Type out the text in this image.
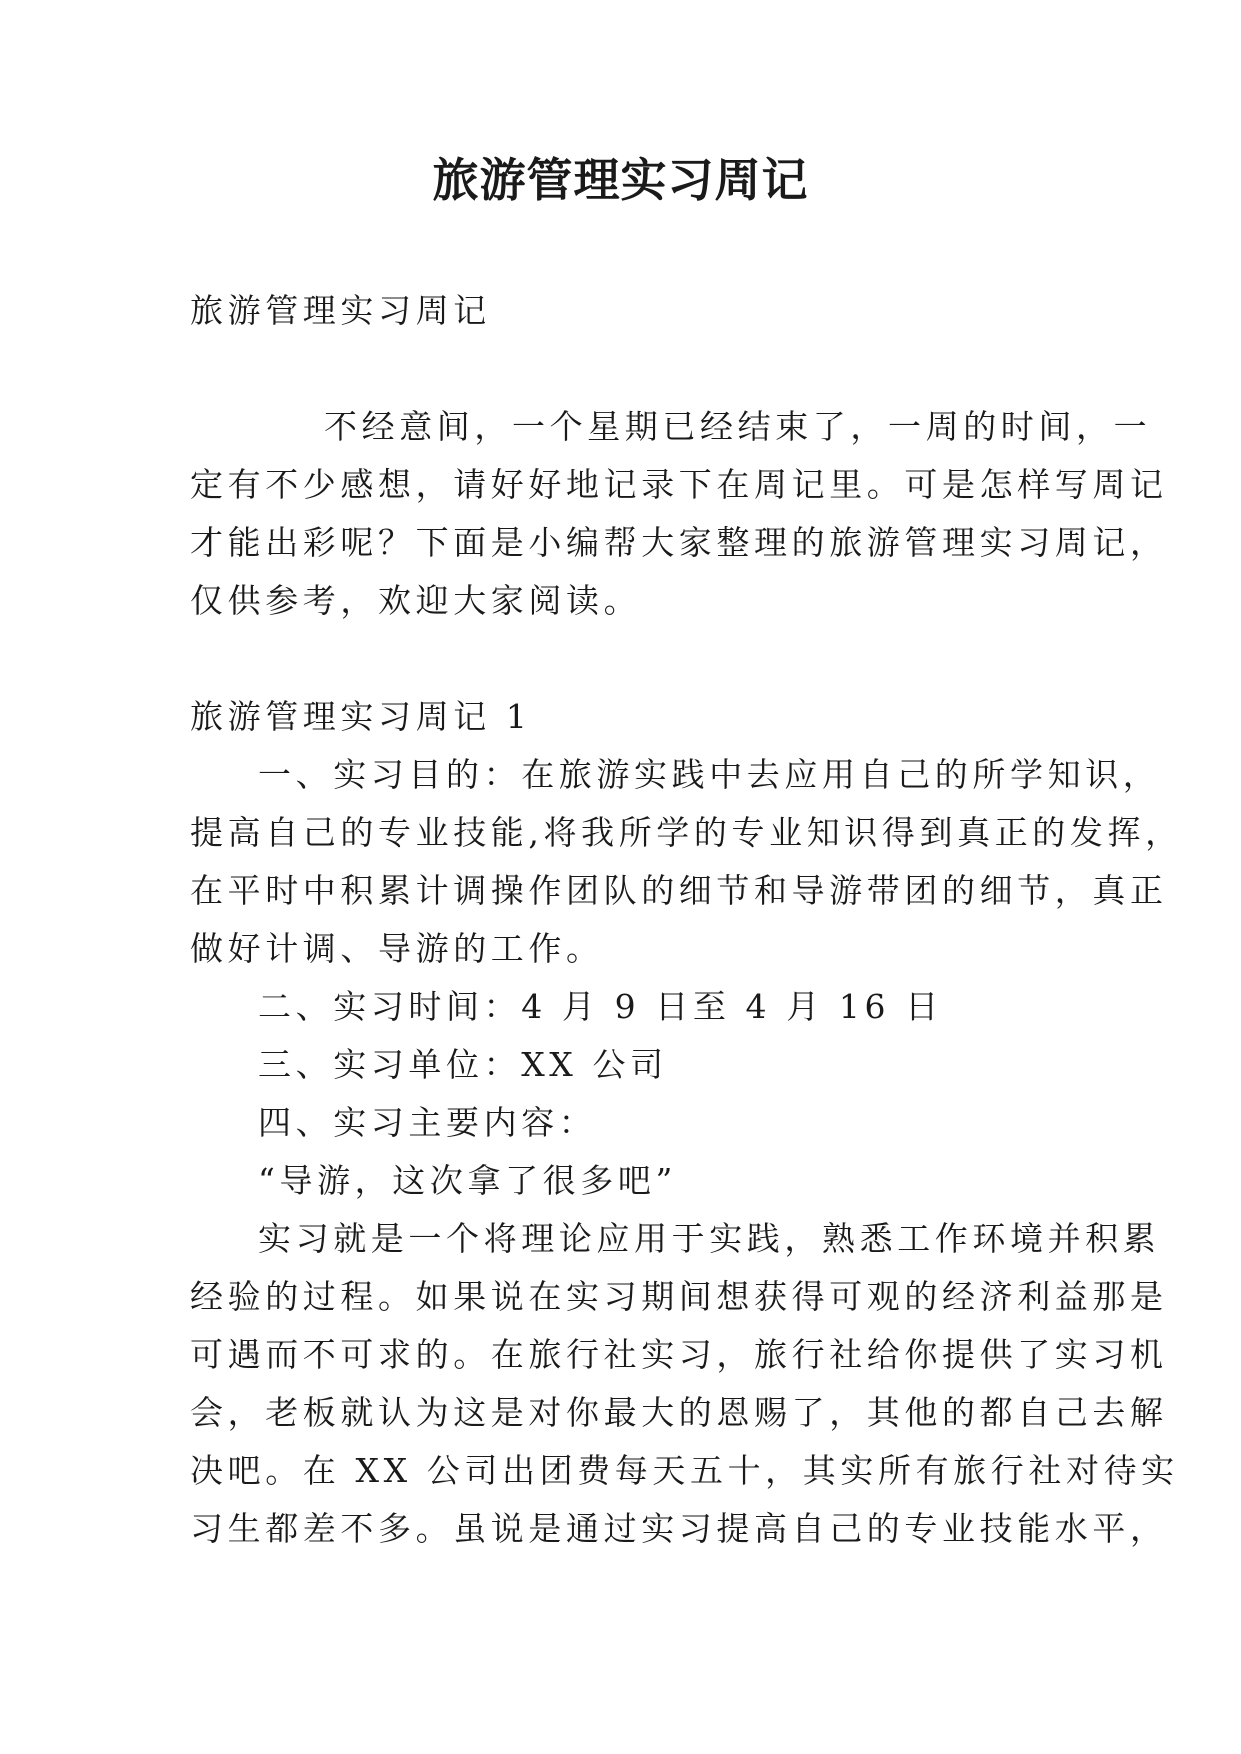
旅游管理实习周记
旅游管理实习周记
不经意间，一个星期已经结束了，一周的时间，一
定有不少感想，请好好地记录下在周记里。可是怎样写周记
才能出彩呢？下面是小编帮大家整理的旅游管理实习周记，
仅供参考，欢迎大家阅读。
旅游管理实习周记 1
一、实习目的：在旅游实践中去应用自己的所学知识，
提高自己的专业技能,将我所学的专业知识得到真正的发挥，
在平时中积累计调操作团队的细节和导游带团的细节，真正
做好计调、导游的工作。
二、实习时间：4 月 9 日至 4 月 16 日
三、实习单位：XX 公司
四、实习主要内容：
“导游，这次拿了很多吧”
实习就是一个将理论应用于实践，熟悉工作环境并积累
经验的过程。如果说在实习期间想获得可观的经济利益那是
可遇而不可求的。在旅行社实习，旅行社给你提供了实习机
会，老板就认为这是对你最大的恩赐了，其他的都自己去解
决吧。在 XX 公司出团费每天五十，其实所有旅行社对待实
习生都差不多。虽说是通过实习提高自己的专业技能水平，
